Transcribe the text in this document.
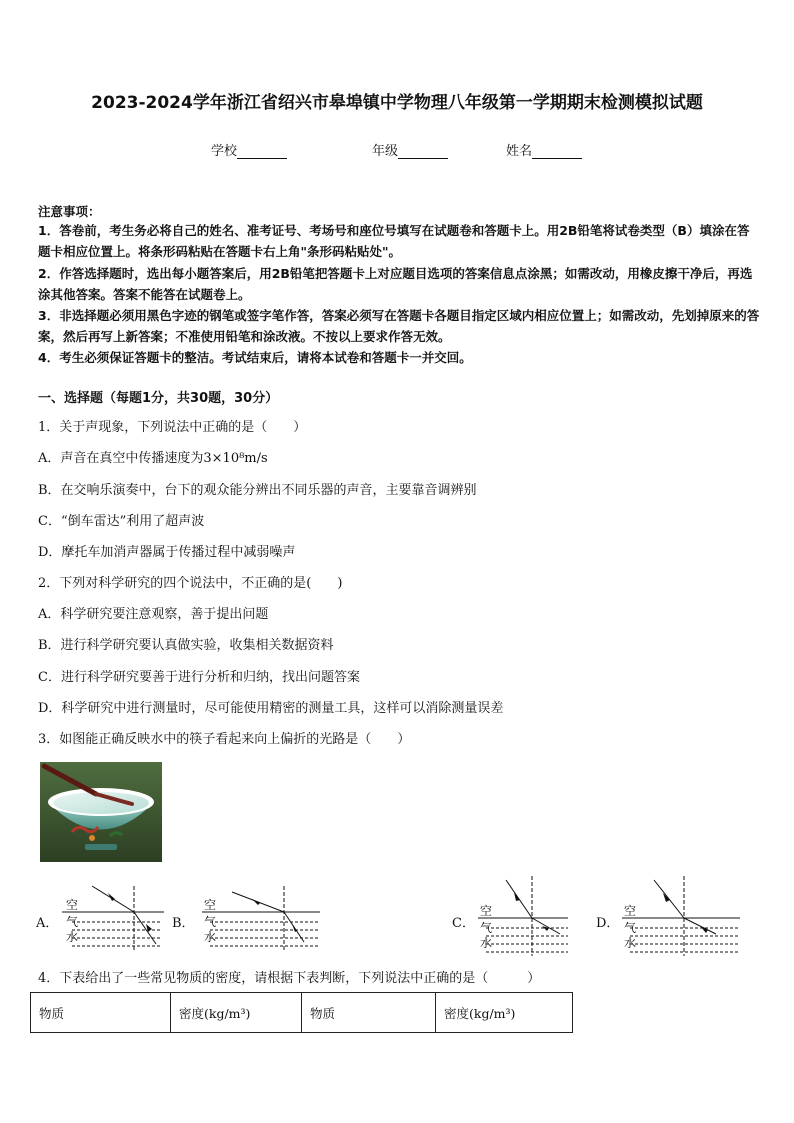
2023-2024学年浙江省绍兴市皋埠镇中学物理八年级第一学期期末检测模拟试题
学校	年级	姓名
注意事项：
1．答卷前，考生务必将自己的姓名、准考证号、考场号和座位号填写在试题卷和答题卡上。用2B铅笔将试卷类型（B）填涂在答题卡相应位置上。将条形码粘贴在答题卡右上角"条形码粘贴处"。
2．作答选择题时，选出每小题答案后，用2B铅笔把答题卡上对应题目选项的答案信息点涂黑；如需改动，用橡皮擦干净后，再选涂其他答案。答案不能答在试题卷上。
3．非选择题必须用黑色字迹的钢笔或签字笔作答，答案必须写在答题卡各题目指定区域内相应位置上；如需改动，先划掉原来的答案，然后再写上新答案；不准使用铅笔和涂改液。不按以上要求作答无效。
4．考生必须保证答题卡的整洁。考试结束后，请将本试卷和答题卡一并交回。
一、选择题（每题1分，共30题，30分）
1．关于声现象，下列说法中正确的是（　　）
A．声音在真空中传播速度为3×10⁸m/s
B．在交响乐演奏中，台下的观众能分辨出不同乐器的声音，主要靠音调辨别
C．“倒车雷达”利用了超声波
D．摩托车加消声器属于传播过程中减弱噪声
2．下列对科学研究的四个说法中，不正确的是(　　)
A．科学研究要注意观察，善于提出问题
B．进行科学研究要认真做实验，收集相关数据资料
C．进行科学研究要善于进行分析和归纳，找出问题答案
D．科学研究中进行测量时，尽可能使用精密的测量工具，这样可以消除测量误差
3．如图能正确反映水中的筷子看起来向上偏折的光路是（　　）
A．
空气
水
B．
空气
水
C．
空气
水
D．
空气
水
4．下表给出了一些常见物质的密度，请根据下表判断，下列说法中正确的是（　　　）
物质	密度(kg/m³)	物质	密度(kg/m³)
